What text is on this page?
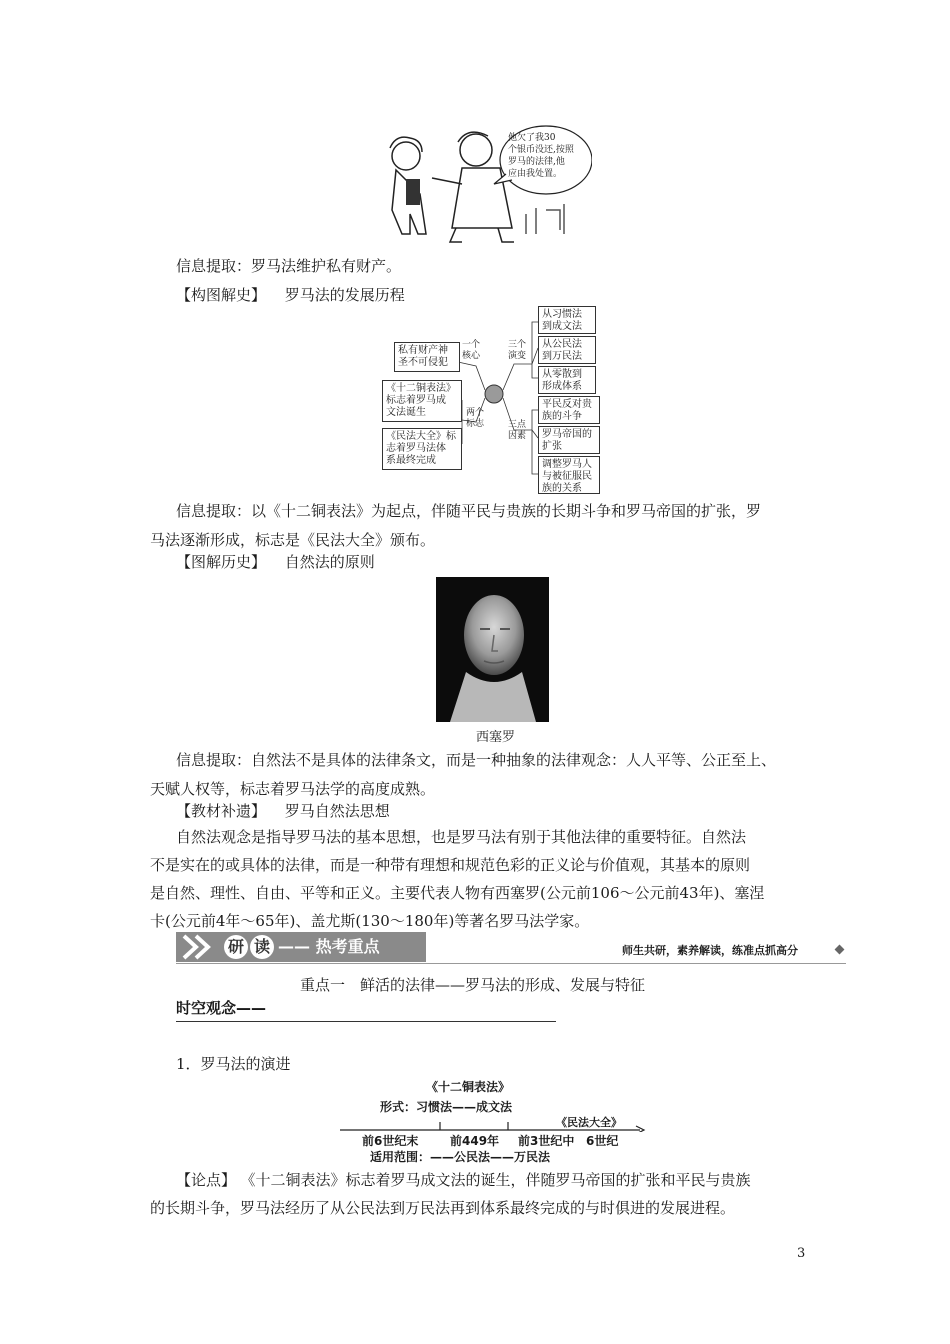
他欠了我30
个银币没还,按照
罗马的法律,他
应由我处置。
信息提取：罗马法维护私有财产。
【构图解史】 罗马法的发展历程
一个
核心
私有财产神
圣不可侵犯
两个
标志
《十二铜表法》
标志着罗马成
文法诞生
《民法大全》标
志着罗马法体
系最终完成
三个
演变
从习惯法
到成文法
从公民法
到万民法
从零散到
形成体系
三点
因素
平民反对贵
族的斗争
罗马帝国的
扩张
调整罗马人
与被征服民
族的关系
信息提取：以《十二铜表法》为起点，伴随平民与贵族的长期斗争和罗马帝国的扩张，罗
马法逐渐形成，标志是《民法大全》颁布。
【图解历史】 自然法的原则
西塞罗
信息提取：自然法不是具体的法律条文，而是一种抽象的法律观念：人人平等、公正至上、
天赋人权等，标志着罗马法学的高度成熟。
【教材补遗】 罗马自然法思想
自然法观念是指导罗马法的基本思想，也是罗马法有别于其他法律的重要特征。自然法
不是实在的或具体的法律，而是一种带有理想和规范色彩的正义论与价值观，其基本的原则
是自然、理性、自由、平等和正义。主要代表人物有西塞罗(公元前106～公元前43年)、塞涅
卡(公元前4年～65年)、盖尤斯(130～180年)等著名罗马法学家。
研 读 —— 热考重点	师生共研，素养解读，练准点抓高分
重点一　鲜活的法律——罗马法的形成、发展与特征
时空观念——
1．罗马法的演进
《十二铜表法》
形式：习惯法——成文法
《民法大全》
前6世纪末	前449年 前3世纪中 6世纪
适用范围：——公民法——万民法
【论点】 《十二铜表法》标志着罗马成文法的诞生，伴随罗马帝国的扩张和平民与贵族
的长期斗争，罗马法经历了从公民法到万民法再到体系最终完成的与时俱进的发展进程。
3
